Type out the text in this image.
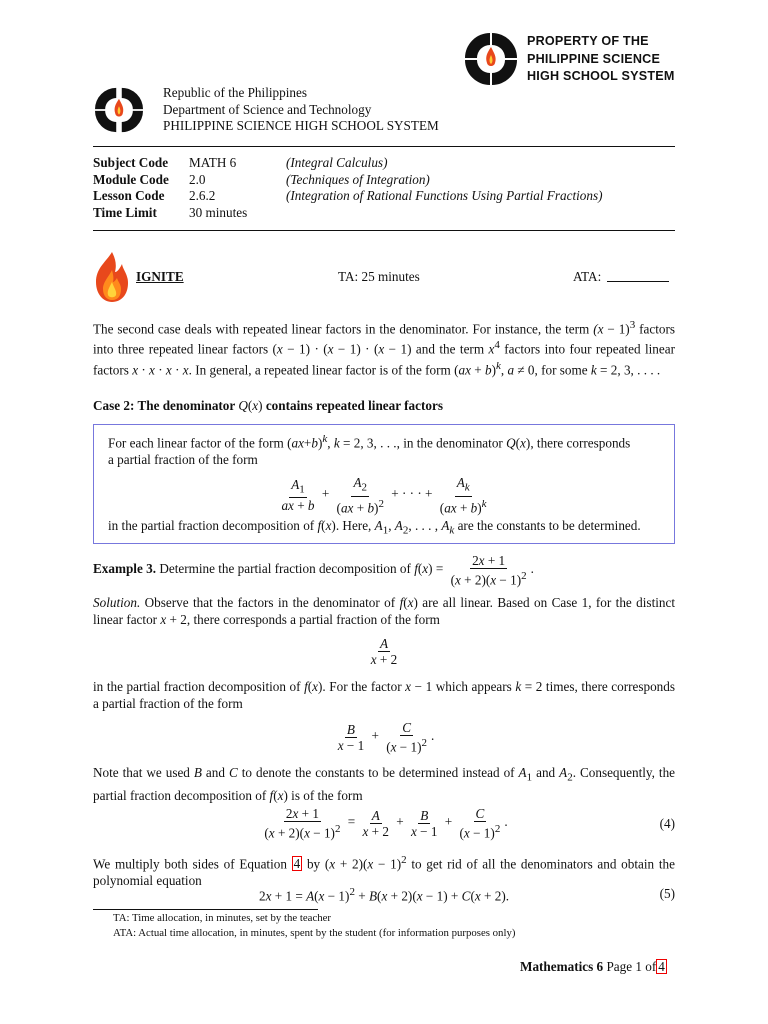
PROPERTY OF THE
PHILIPPINE SCIENCE
HIGH SCHOOL SYSTEM
Republic of the Philippines
Department of Science and Technology
PHILIPPINE SCIENCE HIGH SCHOOL SYSTEM
Subject Code	MATH 6	(Integral Calculus)
Module Code	2.0	(Techniques of Integration)
Lesson Code	2.6.2	(Integration of Rational Functions Using Partial Fractions)
Time Limit	30 minutes
IGNITE	TA: 25 minutes	ATA:
The second case deals with repeated linear factors in the denominator. For instance, the term $(x - 1)^3$ factors into three repeated linear factors (x − 1) · (x − 1) · (x − 1) and the term $x^4$ factors into four repeated linear factors x · x · x · x. In general, a repeated linear factor is of the form (ax + b)$^k$, a ≠ 0, for some k = 2, 3, . . . .
Case 2: The denominator Q(x) contains repeated linear factors
For each linear factor of the form $(ax+b)^k$, k = 2, 3, . . ., in the denominator Q(x), there corresponds
a partial fraction of the form
$\frac{A_1}{ax + b} + \frac{A_2}{(ax + b)^2}$ + · · · + $\frac{A_k}{(ax + b)^k}$
in the partial fraction decomposition of f(x). Here, $A_1$, $A_2$, . . . , $A_k$ are the constants to be determined.
Example 3. Determine the partial fraction decomposition of $f(x) = \frac{2x + 1}{(x + 2)(x - 1)^2}$ .
Solution. Observe that the factors in the denominator of f(x) are all linear. Based on Case 1, for the distinct linear factor x + 2, there corresponds a partial fraction of the form
$\frac{A}{x + 2}$
in the partial fraction decomposition of f(x). For the factor x − 1 which appears k = 2 times, there corresponds a partial fraction of the form
$\frac{B}{x - 1} + \frac{C}{(x - 1)^2}$ .
Note that we used B and C to denote the constants to be determined instead of $A_1$ and $A_2$. Consequently, the partial fraction decomposition of f(x) is of the form
$\frac{2x + 1}{(x + 2)(x - 1)^2} = \frac{A}{x + 2} + \frac{B}{x - 1} + \frac{C}{(x - 1)^2}$ .	(4)
We multiply both sides of Equation 4 by $(x + 2)(x - 1)^2$ to get rid of all the denominators and obtain the polynomial equation
$2x + 1 = A(x - 1)^2 + B(x + 2)(x - 1) + C(x + 2)$.	(5)
TA: Time allocation, in minutes, set by the teacher
ATA: Actual time allocation, in minutes, spent by the student (for information purposes only)
Mathematics 6 Page 1 of 4
